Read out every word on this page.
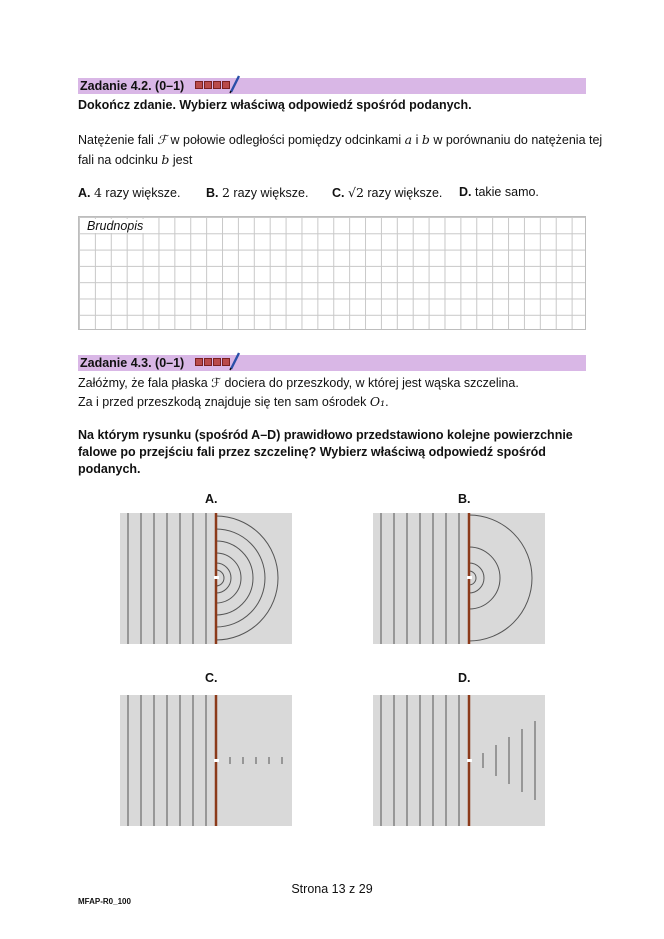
Zadanie 4.2. (0–1)
Dokończ zdanie. Wybierz właściwą odpowiedź spośród podanych.
Natężenie fali ℱ w połowie odległości pomiędzy odcinkami a i b w porównaniu do natężenia tej
fali na odcinku b jest
A. 4 razy większe. B. 2 razy większe. C. √2 razy większe. D. takie samo.
Brudnopis
Zadanie 4.3. (0–1)
Załóżmy, że fala płaska ℱ dociera do przeszkody, w której jest wąska szczelina.
Za i przed przeszkodą znajduje się ten sam ośrodek O₁.
Na którym rysunku (spośród A–D) prawidłowo przedstawiono kolejne powierzchnie
falowe po przejściu fali przez szczelinę? Wybierz właściwą odpowiedź spośród
podanych.
A.	B.
C.	D.
Strona 13 z 29
MFAP-R0_100
